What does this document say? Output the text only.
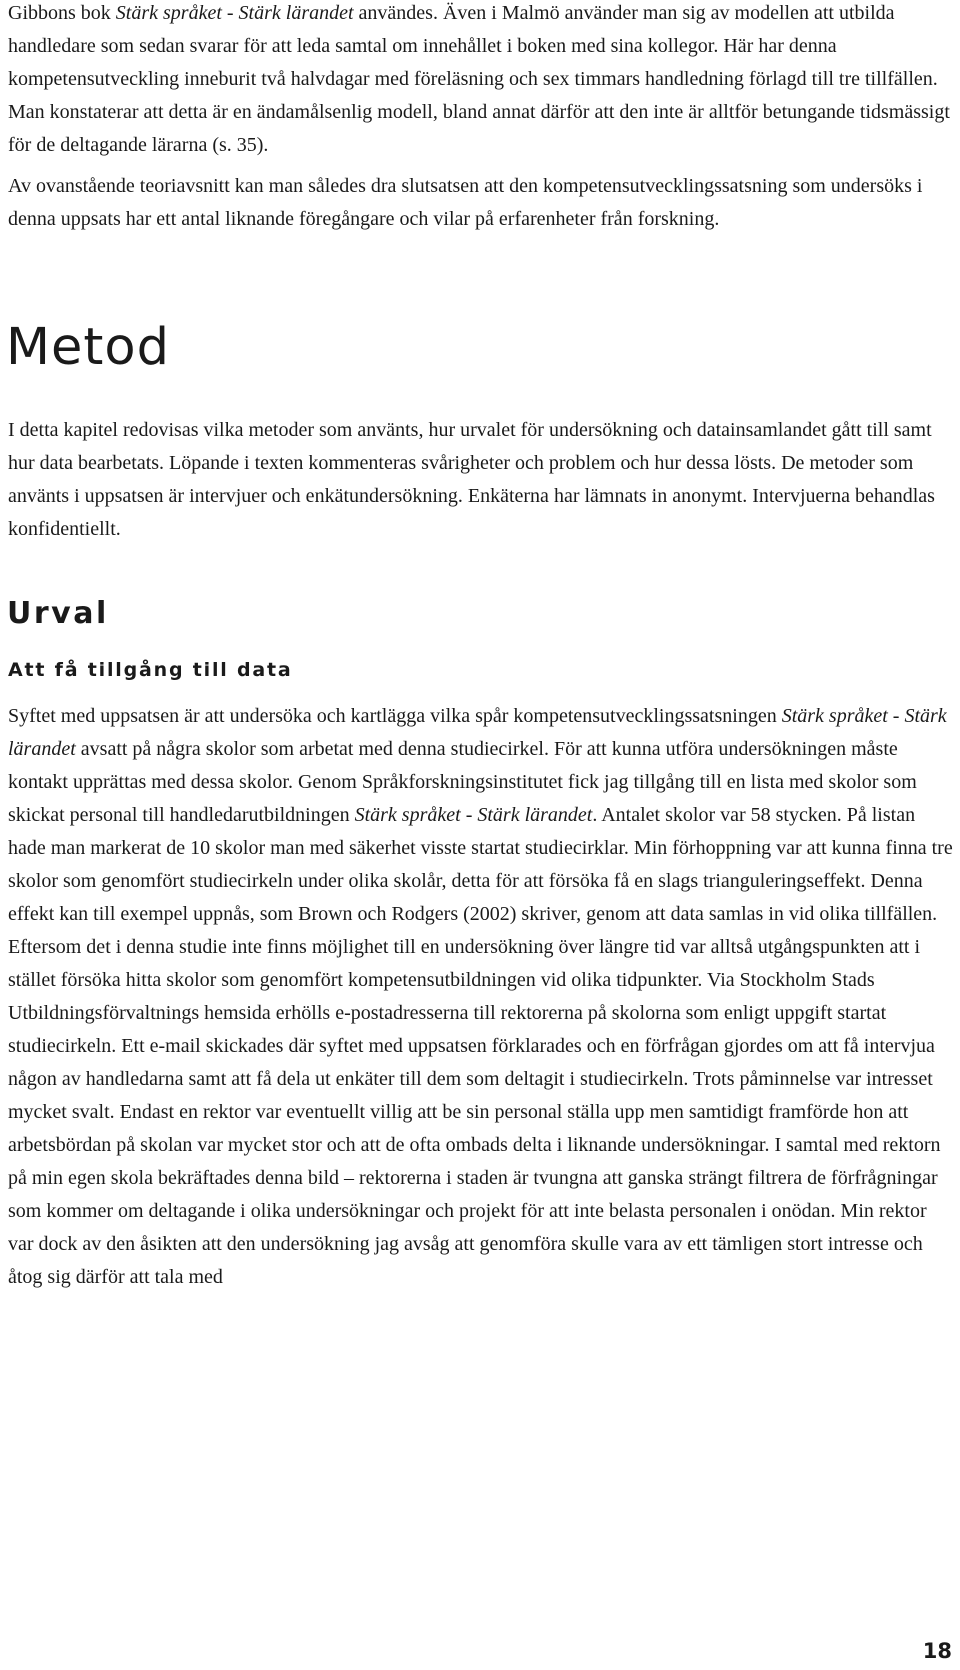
Gibbons bok Stärk språket - Stärk lärandet användes. Även i Malmö använder man sig av modellen att utbilda handledare som sedan svarar för att leda samtal om innehållet i boken med sina kollegor. Här har denna kompetensutveckling inneburit två halvdagar med föreläsning och sex timmars handledning förlagd till tre tillfällen. Man konstaterar att detta är en ändamålsenlig modell, bland annat därför att den inte är alltför betungande tidsmässigt för de deltagande lärarna (s. 35).

Av ovanstående teoriavsnitt kan man således dra slutsatsen att den kompetensutvecklingssatsning som undersöks i denna uppsats har ett antal liknande föregångare och vilar på erfarenheter från forskning.

Metod

I detta kapitel redovisas vilka metoder som använts, hur urvalet för undersökning och datainsamlandet gått till samt hur data bearbetats. Löpande i texten kommenteras svårigheter och problem och hur dessa lösts. De metoder som använts i uppsatsen är intervjuer och enkätundersökning. Enkäterna har lämnats in anonymt. Intervjuerna behandlas konfidentiellt.

Urval
Att få tillgång till data

Syftet med uppsatsen är att undersöka och kartlägga vilka spår kompetensutvecklingssatsningen Stärk språket - Stärk lärandet avsatt på några skolor som arbetat med denna studiecirkel. För att kunna utföra undersökningen måste kontakt upprättas med dessa skolor. Genom Språkforskningsinstitutet fick jag tillgång till en lista med skolor som skickat personal till handledarutbildningen Stärk språket - Stärk lärandet. Antalet skolor var 58 stycken. På listan hade man markerat de 10 skolor man med säkerhet visste startat studiecirklar. Min förhoppning var att kunna finna tre skolor som genomfört studiecirkeln under olika skolår, detta för att försöka få en slags trianguleringseffekt. Denna effekt kan till exempel uppnås, som Brown och Rodgers (2002) skriver, genom att data samlas in vid olika tillfällen. Eftersom det i denna studie inte finns möjlighet till en undersökning över längre tid var alltså utgångspunkten att i stället försöka hitta skolor som genomfört kompetensutbildningen vid olika tidpunkter. Via Stockholm Stads Utbildningsförvaltnings hemsida erhölls e-postadresserna till rektorerna på skolorna som enligt uppgift startat studiecirkeln. Ett e-mail skickades där syftet med uppsatsen förklarades och en förfrågan gjordes om att få intervjua någon av handledarna samt att få dela ut enkäter till dem som deltagit i studiecirkeln. Trots påminnelse var intresset mycket svalt. Endast en rektor var eventuellt villig att be sin personal ställa upp men samtidigt framförde hon att arbetsbördan på skolan var mycket stor och att de ofta ombads delta i liknande undersökningar. I samtal med rektorn på min egen skola bekräftades denna bild – rektorerna i staden är tvungna att ganska strängt filtrera de förfrågningar som kommer om deltagande i olika undersökningar och projekt för att inte belasta personalen i onödan. Min rektor var dock av den åsikten att den undersökning jag avsåg att genomföra skulle vara av ett tämligen stort intresse och åtog sig därför att tala med

18
